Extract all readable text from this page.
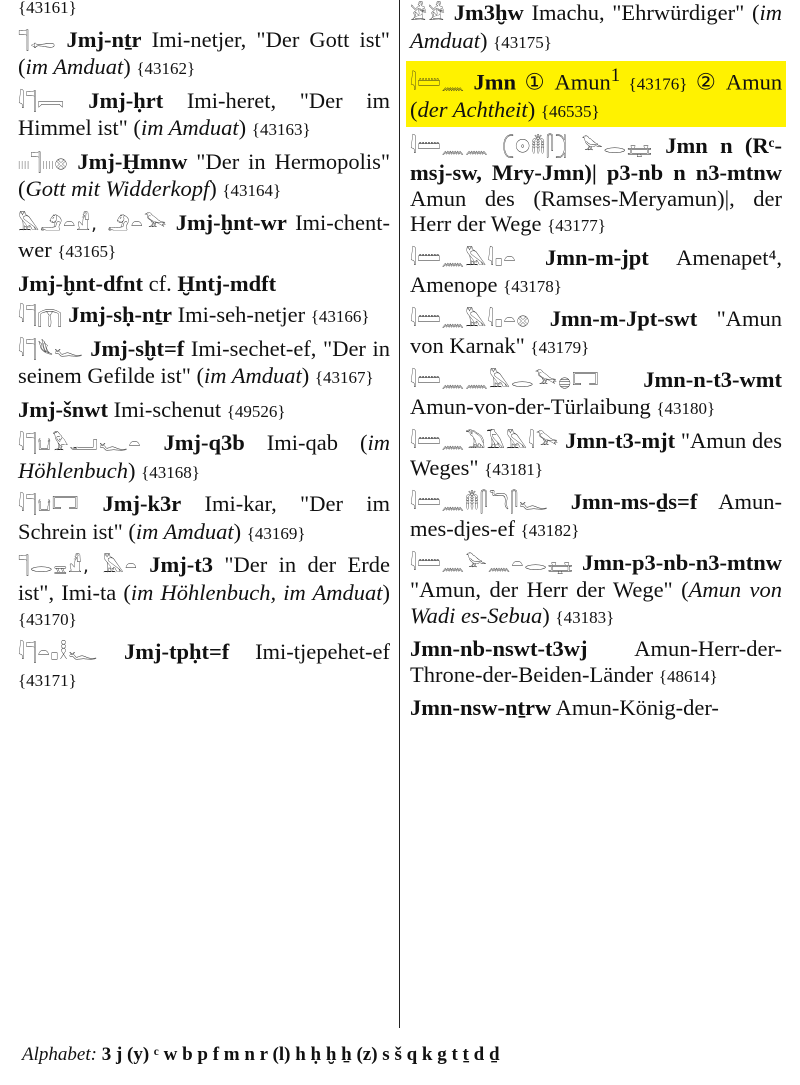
{43161}
𓊹𓉻 Jmj-nṯr Imi-netjer, "Der Gott ist" (im Amduat) {43162}
𓇋𓊹𓇯 Jmj-ḥrt Imi-heret, "Der im Himmel ist" (im Amduat) {43163}
𓏽𓊹𓏽𓊖 Jmj-Ḫmnw "Der in Hermopolis" (Gott mit Widderkopf) {43164}
𓅓𓄂𓏏𓀭, 𓄂𓏏𓅨 Jmj-ḫnt-wr Imi-chent-wer {43165}
Jmj-ḫnt-dfnt cf. Ḫntj-mdft
𓇋𓊹𓉲 Jmj-sḥ-nṯr Imi-seh-netjer {43166}
𓇋𓊹𓆰𓆑 Jmj-sḫt=f Imi-sechet-ef, "Der in seinem Gefilde ist" (im Amduat) {43167}
Jmj-šnwt Imi-schenut {49526}
𓇋𓊹𓂓𓅱𓂝𓆑𓏏 Jmj-q3b Imi-qab (im Höhlenbuch) {43168}
𓇋𓊹𓂓𓉐 Jmj-k3r Imi-kar, "Der im Schrein ist" (im Amduat) {43169}
𓊹𓂋𓈇𓀭, 𓅓𓏏 Jmj-t3 "Der in der Erde ist", Imi-ta (im Höhlenbuch, im Amduat) {43170}
𓇋𓊹𓏏𓊪𓎛𓆑 Jmj-tpḥt=f Imi-tjepehet-ef {43171}
𓀀𓀀 Jm3ḫw Imachu, "Ehrwürdiger" (im Amduat) {43175}
𓇋𓏠𓈖 Jmn ① Amun$^1$ {43176} ② Amun (der Achtheit) {46535}
𓇋𓏠𓈖𓈖 𓍹𓇳𓄟𓋴𓍺 𓅪𓂋𓈐 Jmn n (Rᶜ-msj-sw, Mry-Jmn)| p3-nb n n3-mtnw Amun des (Ramses-Meryamun)|, der Herr der Wege {43177}
𓇋𓏠𓈖𓅓𓇋𓊪𓏏 Jmn-m-jpt Amenapet⁴, Amenope {43178}
𓇋𓏠𓈖𓅓𓇋𓊪𓏏𓊖 Jmn-m-Jpt-swt "Amun von Karnak" {43179}
𓇋𓏠𓈖𓈖𓅓𓂋𓅨𓐍𓉐 Jmn-n-t3-wmt Amun-von-der-Türlaibung {43180}
𓇋𓏠𓈖𓅐𓄿𓅓𓇋𓅨 Jmn-t3-mjt "Amun des Weges" {43181}
𓇋𓏠𓈖𓄟𓋴𓆓𓋴𓆑 Jmn-ms-ḏs=f Amun-mes-djes-ef {43182}
𓇋𓏠𓈖𓅪𓈖𓏏𓂋𓈐 Jmn-p3-nb-n3-mtnw "Amun, der Herr der Wege" (Amun von Wadi es-Sebua) {43183}
Jmn-nb-nswt-t3wj Amun-Herr-der-Throne-der-Beiden-Länder {48614}
Jmn-nsw-nṯrw Amun-König-der-
Alphabet: 3 j (y) ᶜ w b p f m n r (l) h ḥ ḫ ẖ (z) s š q k g t ṯ d ḏ
